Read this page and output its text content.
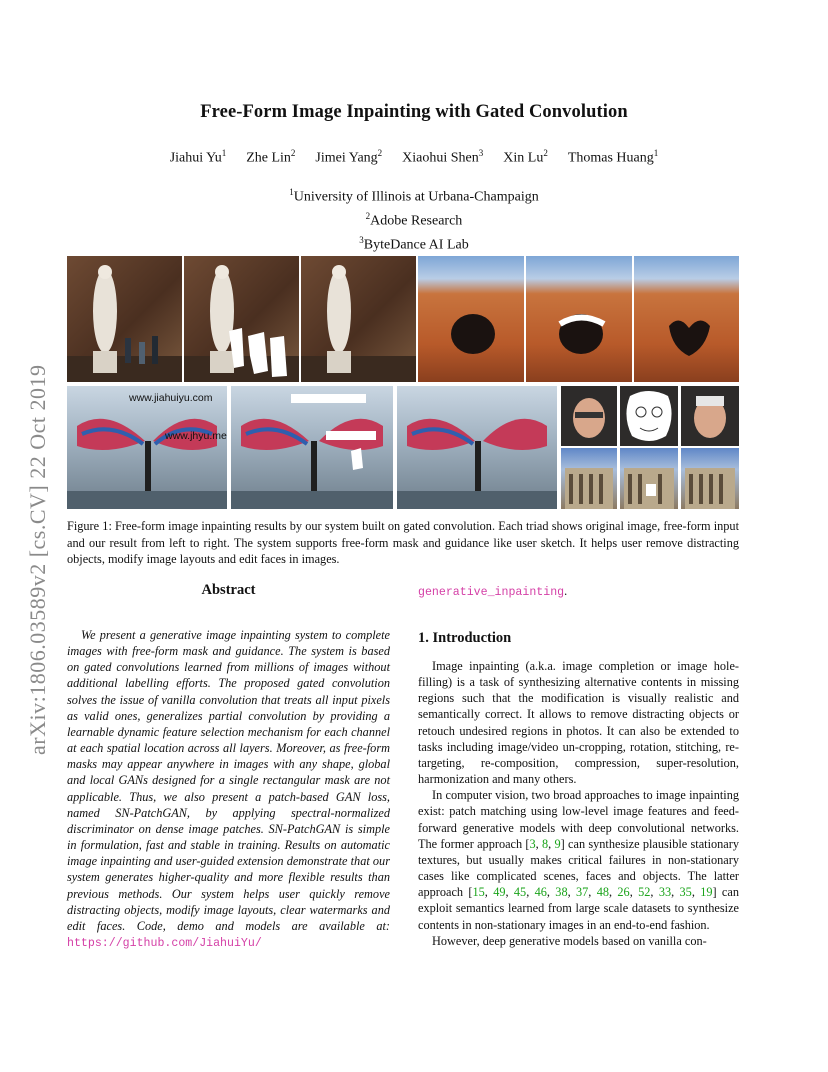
arXiv:1806.03589v2 [cs.CV] 22 Oct 2019
Free-Form Image Inpainting with Gated Convolution
Jiahui Yu$^1$ Zhe Lin$^2$ Jimei Yang$^2$ Xiaohui Shen$^3$ Xin Lu$^2$ Thomas Huang$^1$
$^1$University of Illinois at Urbana-Champaign
$^2$Adobe Research
$^3$ByteDance AI Lab
www.jiahuiyu.com
www.jhyu.me
Figure 1: Free-form image inpainting results by our system built on gated convolution. Each triad shows original image, free-form input and our result from left to right. The system supports free-form mask and guidance like user sketch. It helps user remove distracting objects, modify image layouts and edit faces in images.
Abstract
We present a generative image inpainting system to complete images with free-form mask and guidance. The system is based on gated convolutions learned from millions of images without additional labelling efforts. The proposed gated convolution solves the issue of vanilla convolution that treats all input pixels as valid ones, generalizes partial convolution by providing a learnable dynamic feature selection mechanism for each channel at each spatial location across all layers. Moreover, as free-form masks may appear anywhere in images with any shape, global and local GANs designed for a single rectangular mask are not applicable. Thus, we also present a patch-based GAN loss, named SN-PatchGAN, by applying spectral-normalized discriminator on dense image patches. SN-PatchGAN is simple in formulation, fast and stable in training. Results on automatic image inpainting and user-guided extension demonstrate that our system generates higher-quality and more flexible results than previous methods. Our system helps user quickly remove distracting objects, modify image layouts, clear watermarks and edit faces. Code, demo and models are available at: https://github.com/JiahuiYu/
generative_inpainting.
1. Introduction

Image inpainting (a.k.a. image completion or image hole-filling) is a task of synthesizing alternative contents in missing regions such that the modification is visually realistic and semantically correct. It allows to remove distracting objects or retouch undesired regions in photos. It can also be extended to tasks including image/video un-cropping, rotation, stitching, re-targeting, re-composition, compression, super-resolution, harmonization and many others.

In computer vision, two broad approaches to image inpainting exist: patch matching using low-level image features and feed-forward generative models with deep convolutional networks. The former approach [3, 8, 9] can synthesize plausible stationary textures, but usually makes critical failures in non-stationary cases like complicated scenes, faces and objects. The latter approach [15, 49, 45, 46, 38, 37, 48, 26, 52, 33, 35, 19] can exploit semantics learned from large scale datasets to synthesize contents in non-stationary images in an end-to-end fashion.

However, deep generative models based on vanilla con-
